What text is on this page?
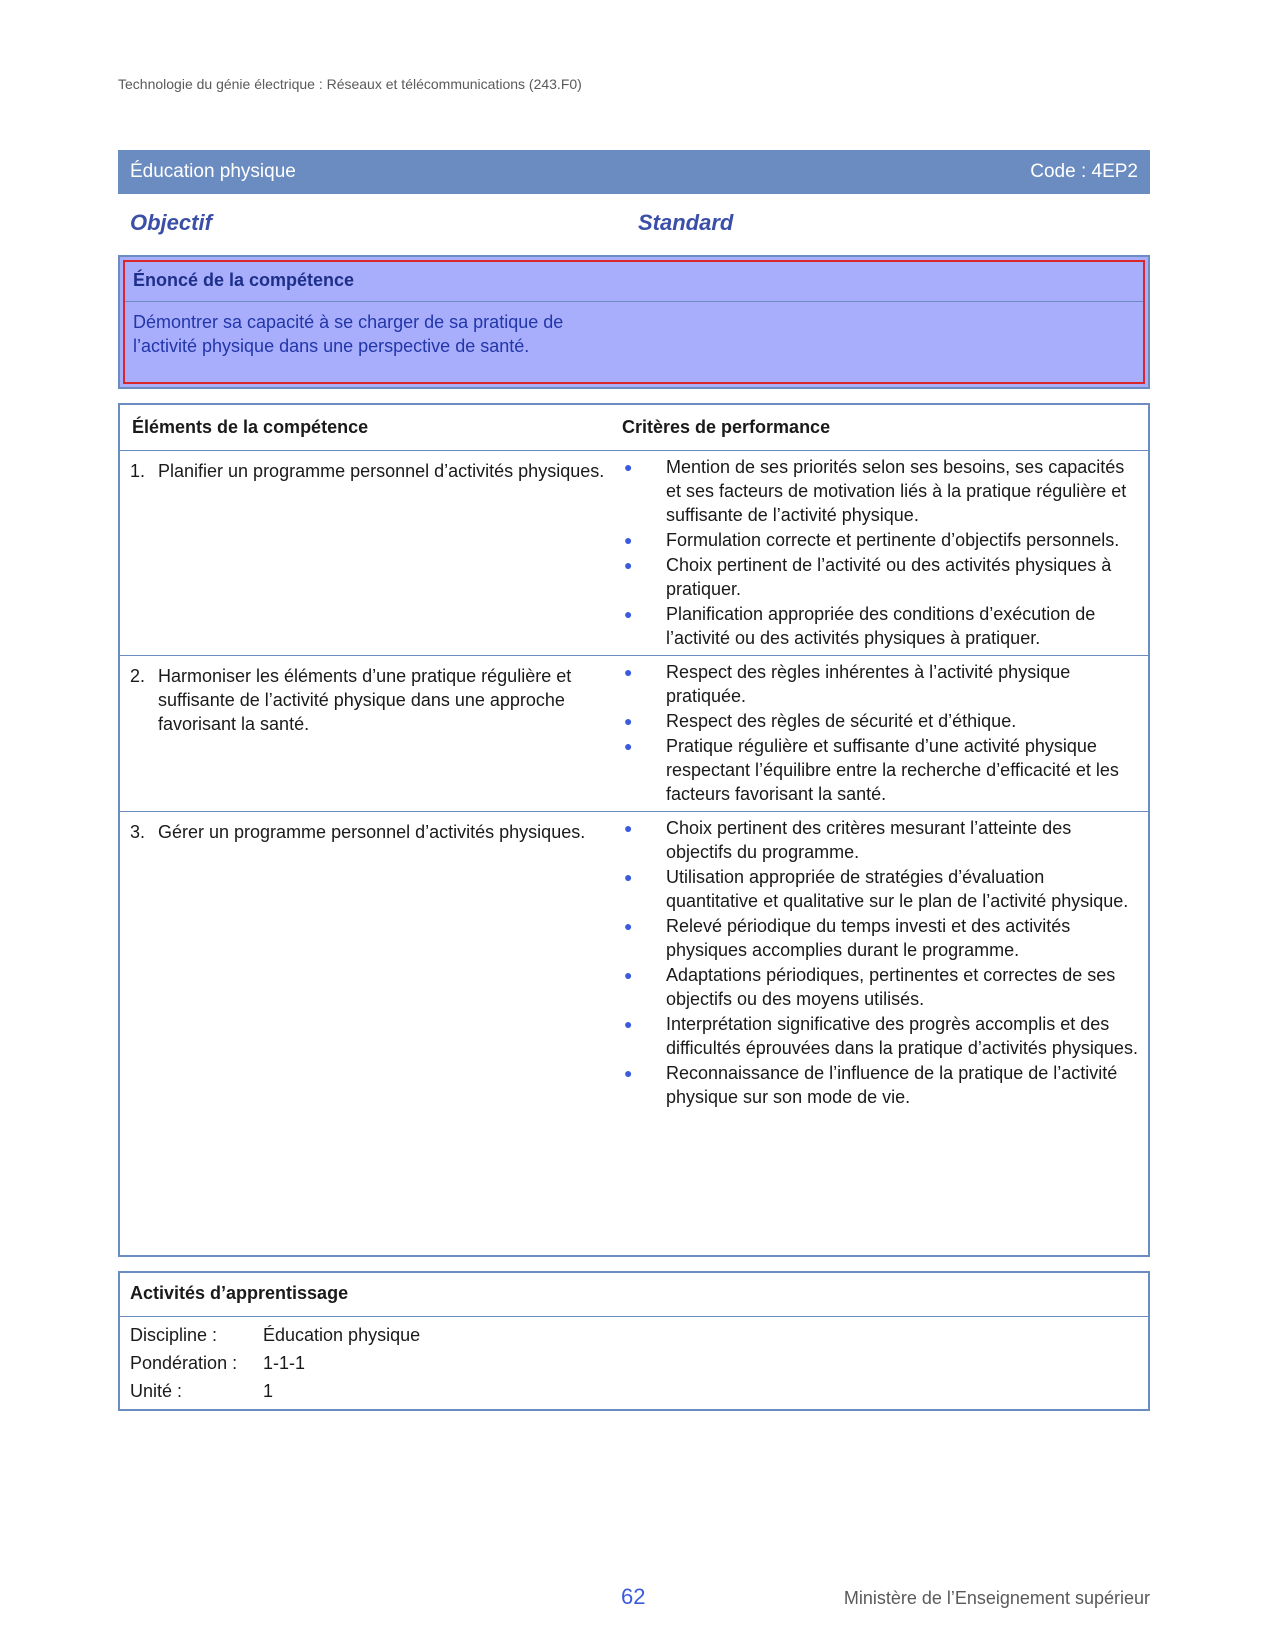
Technologie du génie électrique : Réseaux et télécommunications (243.F0)
Éducation physique	Code : 4EP2
Objectif	Standard
Énoncé de la compétence
Démontrer sa capacité à se charger de sa pratique de l’activité physique dans une perspective de santé.
Éléments de la compétence	Critères de performance
1. Planifier un programme personnel d’activités physiques.	●	Mention de ses priorités selon ses besoins, ses capacités et ses facteurs de motivation liés à la pratique régulière et suffisante de l’activité physique.
●	Formulation correcte et pertinente d’objectifs personnels.
●	Choix pertinent de l’activité ou des activités physiques à pratiquer.
●	Planification appropriée des conditions d’exécution de l’activité ou des activités physiques à pratiquer.
2. Harmoniser les éléments d’une pratique régulière et suffisante de l’activité physique dans une approche favorisant la santé.
●	Respect des règles inhérentes à l’activité physique pratiquée.
●	Respect des règles de sécurité et d’éthique.
●	Pratique régulière et suffisante d’une activité physique respectant l’équilibre entre la recherche d’efficacité et les facteurs favorisant la santé.
3. Gérer un programme personnel d’activités physiques.	●	Choix pertinent des critères mesurant l’atteinte des objectifs du programme.
●	Utilisation appropriée de stratégies d’évaluation quantitative et qualitative sur le plan de l’activité physique.
●	Relevé périodique du temps investi et des activités physiques accomplies durant le programme.
●	Adaptations périodiques, pertinentes et correctes de ses objectifs ou des moyens utilisés.
●	Interprétation significative des progrès accomplis et des difficultés éprouvées dans la pratique d’activités physiques.
●	Reconnaissance de l’influence de la pratique de l’activité physique sur son mode de vie.
Activités d’apprentissage
Discipline :	Éducation physique
Pondération :	1-1-1
Unité :	1
62	Ministère de l’Enseignement supérieur
